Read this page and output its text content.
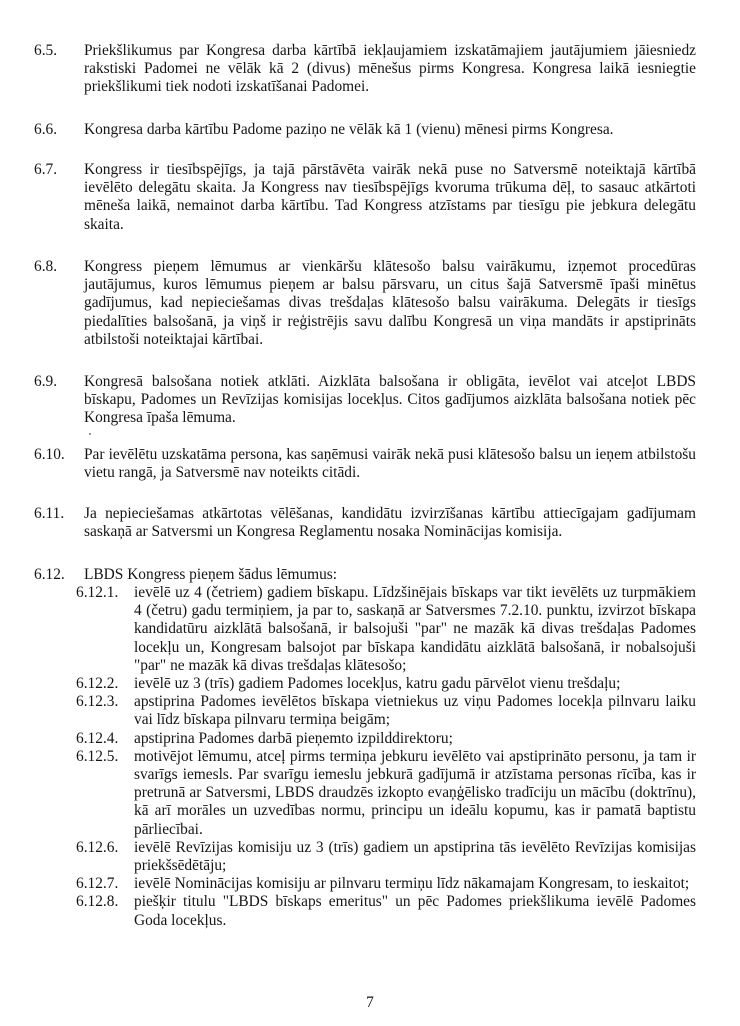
6.5.	Priekšlikumus par Kongresa darba kārtībā iekļaujamiem izskatāmajiem jautājumiem jāiesniedz rakstiski Padomei ne vēlāk kā 2 (divus) mēnešus pirms Kongresa. Kongresa laikā iesniegtie priekšlikumi tiek nodoti izskatīšanai Padomei.
6.6.	Kongresa darba kārtību Padome paziņo ne vēlāk kā 1 (vienu) mēnesi pirms Kongresa.
6.7.	Kongress ir tiesībspējīgs, ja tajā pārstāvēta vairāk nekā puse no Satversmē noteiktajā kārtībā ievēlēto delegātu skaita. Ja Kongress nav tiesībspējīgs kvoruma trūkuma dēļ, to sasauc atkārtoti mēneša laikā, nemainot darba kārtību. Tad Kongress atzīstams par tiesīgu pie jebkura delegātu skaita.
6.8.	Kongress pieņem lēmumus ar vienkāršu klātesošo balsu vairākumu, izņemot procedūras jautājumus, kuros lēmumus pieņem ar balsu pārsvaru, un citus šajā Satversmē īpaši minētus gadījumus, kad nepieciešamas divas trešdaļas klātesošo balsu vairākuma. Delegāts ir tiesīgs piedalīties balsošanā, ja viņš ir reģistrējis savu dalību Kongresā un viņa mandāts ir apstiprināts atbilstoši noteiktajai kārtībai.
6.9.	Kongresā balsošana notiek atklāti. Aizklāta balsošana ir obligāta, ievēlot vai atceļot LBDS bīskapu, Padomes un Revīzijas komisijas locekļus. Citos gadījumos aizklāta balsošana notiek pēc Kongresa īpaša lēmuma.
6.10.	Par ievēlētu uzskatāma persona, kas saņēmusi vairāk nekā pusi klātesošo balsu un ieņem atbilstošu vietu rangā, ja Satversmē nav noteikts citādi.
6.11.	Ja nepieciešamas atkārtotas vēlēšanas, kandidātu izvirzīšanas kārtību attiecīgajam gadījumam saskaņā ar Satversmi un Kongresa Reglamentu nosaka Nominācijas komisija.
6.12.	LBDS Kongress pieņem šādus lēmumus:
6.12.1.	ievēlē uz 4 (četriem) gadiem bīskapu. Līdzšinējais bīskaps var tikt ievēlēts uz turpmākiem 4 (četru) gadu termiņiem, ja par to, saskaņā ar Satversmes 7.2.10. punktu, izvirzot bīskapa kandidatūru aizklātā balsošanā, ir balsojuši "par" ne mazāk kā divas trešdaļas Padomes locekļu un, Kongresam balsojot par bīskapa kandidātu aizklātā balsošanā, ir nobalsojuši "par" ne mazāk kā divas trešdaļas klātesošo;
6.12.2.	ievēlē uz 3 (trīs) gadiem Padomes locekļus, katru gadu pārvēlot vienu trešdaļu;
6.12.3.	apstiprina Padomes ievēlētos bīskapa vietniekus uz viņu Padomes locekļa pilnvaru laiku vai līdz bīskapa pilnvaru termiņa beigām;
6.12.4.	apstiprina Padomes darbā pieņemto izpilddirektoru;
6.12.5.	motivējot lēmumu, atceļ pirms termiņa jebkuru ievēlēto vai apstiprināto personu, ja tam ir svarīgs iemesls. Par svarīgu iemeslu jebkurā gadījumā ir atzīstama personas rīcība, kas ir pretrunā ar Satversmi, LBDS draudzēs izkopto evaņģēlisko tradīciju un mācību (doktrīnu), kā arī morāles un uzvedības normu, principu un ideālu kopumu, kas ir pamatā baptistu pārliecībai.
6.12.6.	ievēlē Revīzijas komisiju uz 3 (trīs) gadiem un apstiprina tās ievēlēto Revīzijas komisijas priekšsēdētāju;
6.12.7.	ievēlē Nominācijas komisiju ar pilnvaru termiņu līdz nākamajam Kongresam, to ieskaitot;
6.12.8.	piešķir titulu "LBDS bīskaps emeritus" un pēc Padomes priekšlikuma ievēlē Padomes Goda locekļus.
7
